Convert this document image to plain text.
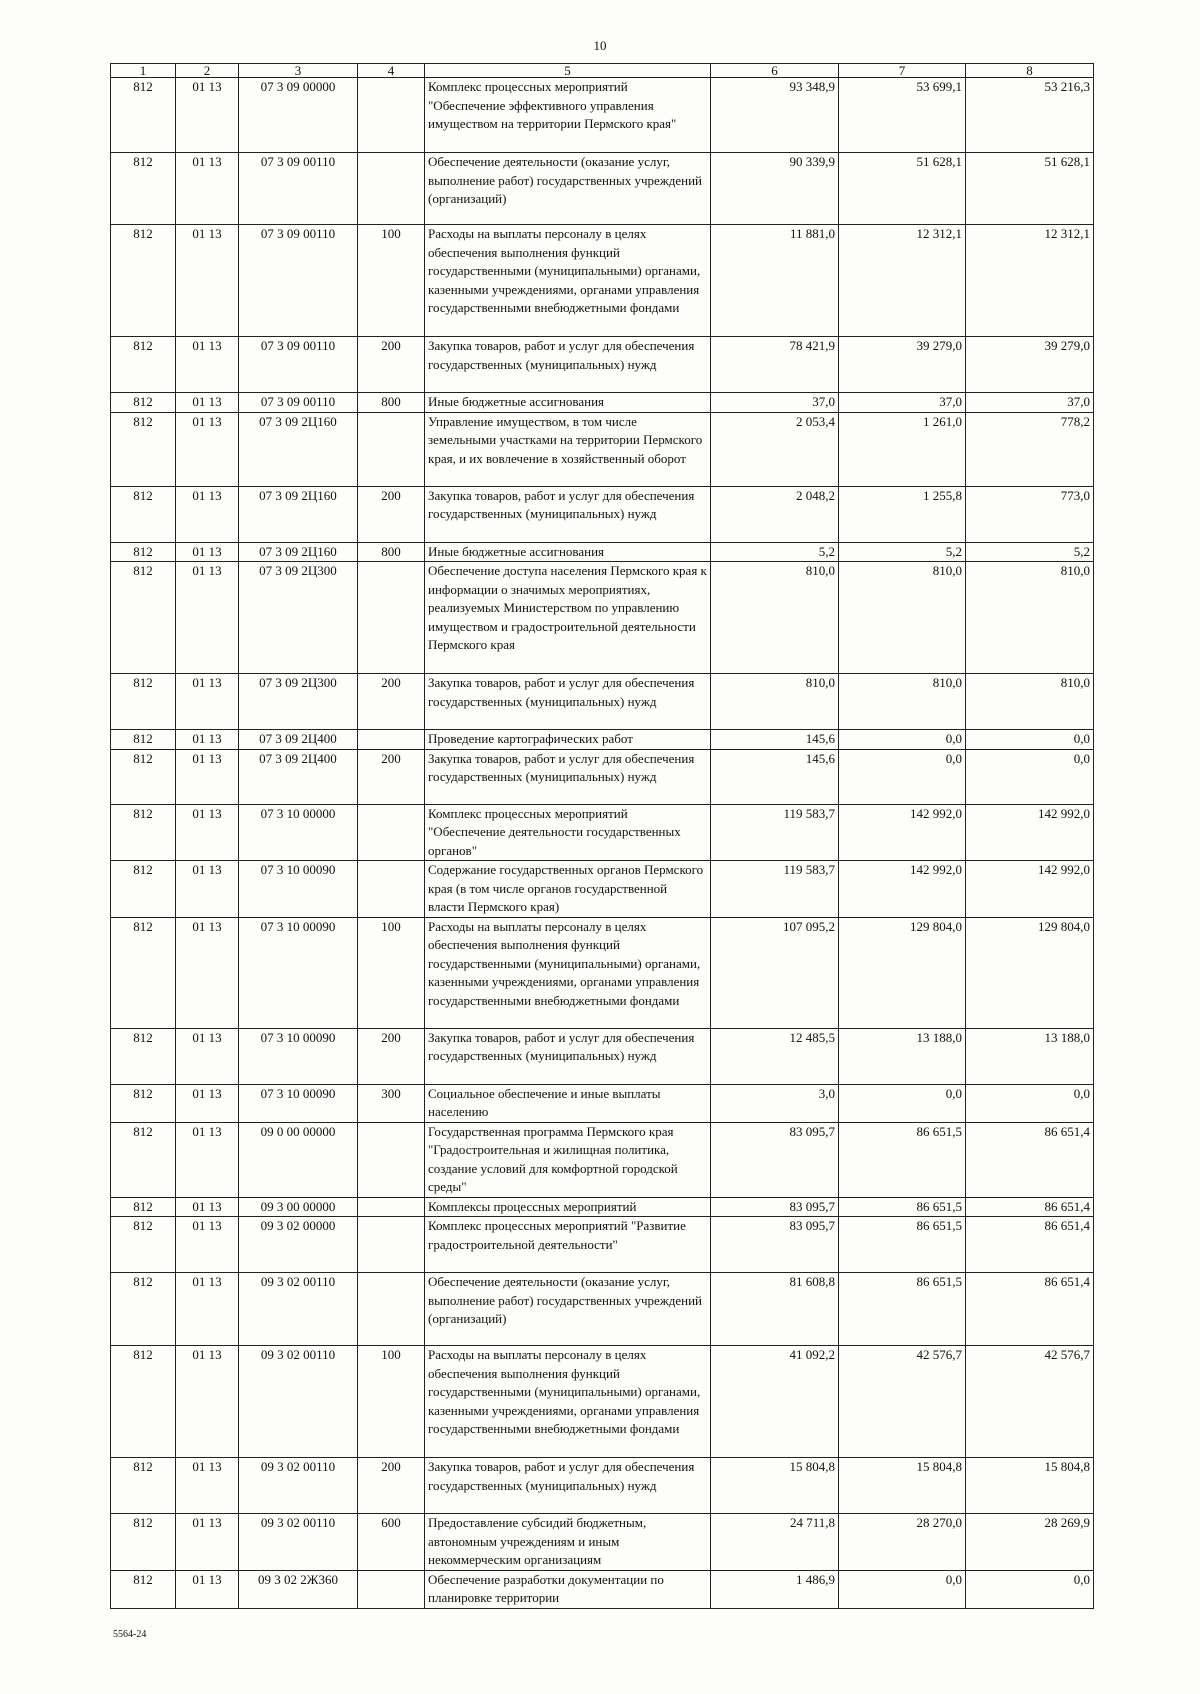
10
1	2	3	4	5	6	7	8
812	01 13	07 3 09 00000		Комплекс процессных мероприятий "Обеспечение эффективного управления имуществом на территории Пермского края"	93 348,9	53 699,1	53 216,3
812	01 13	07 3 09 00110		Обеспечение деятельности (оказание услуг, выполнение работ) государственных учреждений (организаций)	90 339,9	51 628,1	51 628,1
812	01 13	07 3 09 00110	100	Расходы на выплаты персоналу в целях обеспечения выполнения функций государственными (муниципальными) органами, казенными учреждениями, органами управления государственными внебюджетными фондами	11 881,0	12 312,1	12 312,1
812	01 13	07 3 09 00110	200	Закупка товаров, работ и услуг для обеспечения государственных (муниципальных) нужд	78 421,9	39 279,0	39 279,0
812	01 13	07 3 09 00110	800	Иные бюджетные ассигнования	37,0	37,0	37,0
812	01 13	07 3 09 2Ц160		Управление имуществом, в том числе земельными участками на территории Пермского края, и их вовлечение в хозяйственный оборот	2 053,4	1 261,0	778,2
812	01 13	07 3 09 2Ц160	200	Закупка товаров, работ и услуг для обеспечения государственных (муниципальных) нужд	2 048,2	1 255,8	773,0
812	01 13	07 3 09 2Ц160	800	Иные бюджетные ассигнования	5,2	5,2	5,2
812	01 13	07 3 09 2Ц300		Обеспечение доступа населения Пермского края к информации о значимых мероприятиях, реализуемых Министерством по управлению имуществом и градостроительной деятельности Пермского края	810,0	810,0	810,0
812	01 13	07 3 09 2Ц300	200	Закупка товаров, работ и услуг для обеспечения государственных (муниципальных) нужд	810,0	810,0	810,0
812	01 13	07 3 09 2Ц400		Проведение картографических работ	145,6	0,0	0,0
812	01 13	07 3 09 2Ц400	200	Закупка товаров, работ и услуг для обеспечения государственных (муниципальных) нужд	145,6	0,0	0,0
812	01 13	07 3 10 00000		Комплекс процессных мероприятий "Обеспечение деятельности государственных органов"	119 583,7	142 992,0	142 992,0
812	01 13	07 3 10 00090		Содержание государственных органов Пермского края (в том числе органов государственной власти Пермского края)	119 583,7	142 992,0	142 992,0
812	01 13	07 3 10 00090	100	Расходы на выплаты персоналу в целях обеспечения выполнения функций государственными (муниципальными) органами, казенными учреждениями, органами управления государственными внебюджетными фондами	107 095,2	129 804,0	129 804,0
812	01 13	07 3 10 00090	200	Закупка товаров, работ и услуг для обеспечения государственных (муниципальных) нужд	12 485,5	13 188,0	13 188,0
812	01 13	07 3 10 00090	300	Социальное обеспечение и иные выплаты населению	3,0	0,0	0,0
812	01 13	09 0 00 00000		Государственная программа Пермского края "Градостроительная и жилищная политика, создание условий для комфортной городской среды"	83 095,7	86 651,5	86 651,4
812	01 13	09 3 00 00000		Комплексы процессных мероприятий	83 095,7	86 651,5	86 651,4
812	01 13	09 3 02 00000		Комплекс процессных мероприятий "Развитие градостроительной деятельности"	83 095,7	86 651,5	86 651,4
812	01 13	09 3 02 00110		Обеспечение деятельности (оказание услуг, выполнение работ) государственных учреждений (организаций)	81 608,8	86 651,5	86 651,4
812	01 13	09 3 02 00110	100	Расходы на выплаты персоналу в целях обеспечения выполнения функций государственными (муниципальными) органами, казенными учреждениями, органами управления государственными внебюджетными фондами	41 092,2	42 576,7	42 576,7
812	01 13	09 3 02 00110	200	Закупка товаров, работ и услуг для обеспечения государственных (муниципальных) нужд	15 804,8	15 804,8	15 804,8
812	01 13	09 3 02 00110	600	Предоставление субсидий бюджетным, автономным учреждениям и иным некоммерческим организациям	24 711,8	28 270,0	28 269,9
812	01 13	09 3 02 2Ж360		Обеспечение разработки документации по планировке территории	1 486,9	0,0	0,0
5564-24
